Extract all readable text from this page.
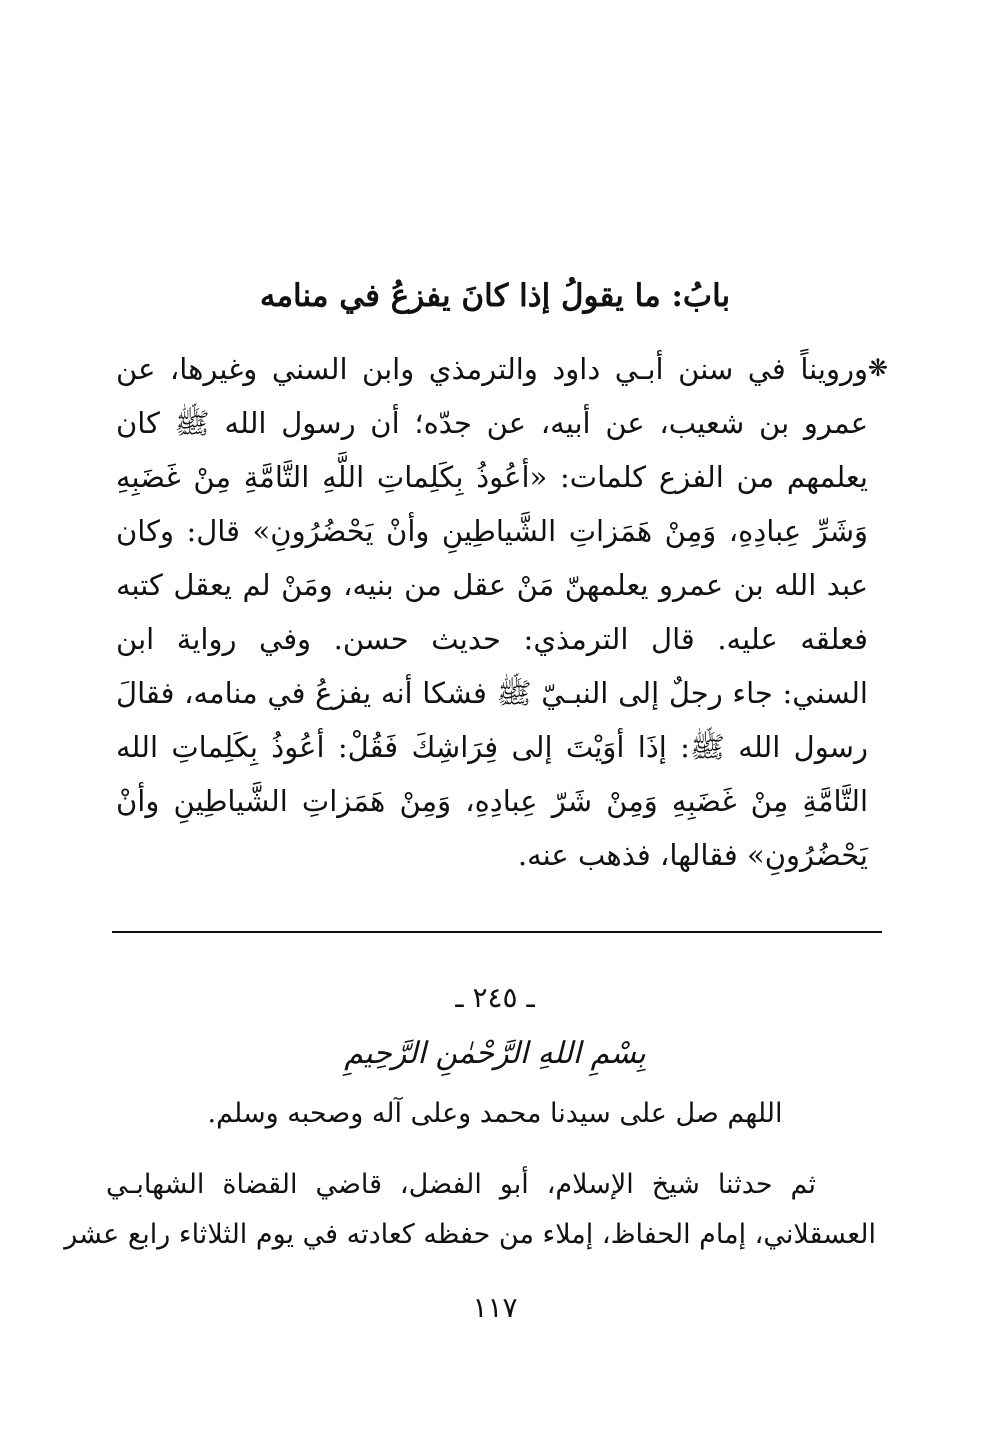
بابُ: ما يقولُ إذا كانَ يفزعُ في منامه
❋
ورويناً في سنن أبـي داود والترمذي وابن السني وغيرها، عن
عمرو بن شعيب، عن أبيه، عن جدّه؛ أن رسول الله ﷺ كان
يعلمهم من الفزع كلمات: «أعُوذُ بِكَلِماتِ اللَّهِ التَّامَّةِ مِنْ غَضَبِهِ
وَشَرِّ عِبادِهِ، وَمِنْ هَمَزاتِ الشَّياطِينِ وأنْ يَحْضُرُونِ» قال: وكان
عبد الله بن عمرو يعلمهنّ مَنْ عقل من بنيه، ومَنْ لم يعقل كتبه
فعلقه عليه. قال الترمذي: حديث حسن. وفي رواية ابن
السني: جاء رجلٌ إلى النبـيّ ﷺ فشكا أنه يفزعُ في منامه، فقالَ
رسول الله ﷺ: إذَا أوَيْتَ إلى فِرَاشِكَ فَقُلْ: أعُوذُ بِكَلِماتِ الله
التَّامَّةِ مِنْ غَضَبِهِ وَمِنْ شَرّ عِبادِهِ، وَمِنْ هَمَزاتِ الشَّياطِينِ وأنْ
يَحْضُرُونِ» فقالها، فذهب عنه.
ـ ٢٤٥ ـ
بِسْمِ اللهِ الرَّحْمٰنِ الرَّحِيمِ
اللهم صل على سيدنا محمد وعلى آله وصحبه وسلم.
ثم حدثنا شيخ الإسلام، أبو الفضل، قاضي القضاة الشهابـي
العسقلاني، إمام الحفاظ، إملاء من حفظه كعادته في يوم الثلاثاء رابع عشر
١١٧
